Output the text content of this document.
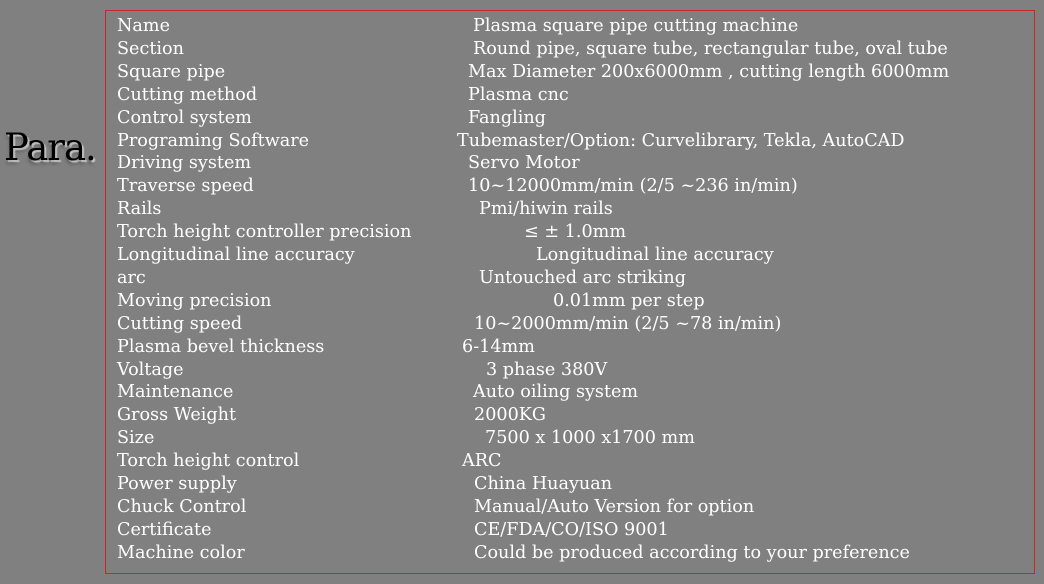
Para.
Name	Plasma square pipe cutting machine
Section	Round pipe, square tube, rectangular tube, oval tube
Square pipe	Max Diameter 200x6000mm , cutting length 6000mm
Cutting method	Plasma cnc
Control system	Fangling
Programing Software	Tubemaster/Option: Curvelibrary, Tekla, AutoCAD
Driving system	Servo Motor
Traverse speed	10~12000mm/min (2/5 ~236 in/min)
Rails	Pmi/hiwin rails
Torch height controller precision	≤ ± 1.0mm
Longitudinal line accuracy	Longitudinal line accuracy
arc	Untouched arc striking
Moving precision	0.01mm per step
Cutting speed	10~2000mm/min (2/5 ~78 in/min)
Plasma bevel thickness	6-14mm
Voltage	3 phase 380V
Maintenance	Auto oiling system
Gross Weight	2000KG
Size	7500 x 1000 x1700 mm
Torch height control	ARC
Power supply	China Huayuan
Chuck Control	Manual/Auto Version for option
Certificate	CE/FDA/CO/ISO 9001
Machine color	Could be produced according to your preference
